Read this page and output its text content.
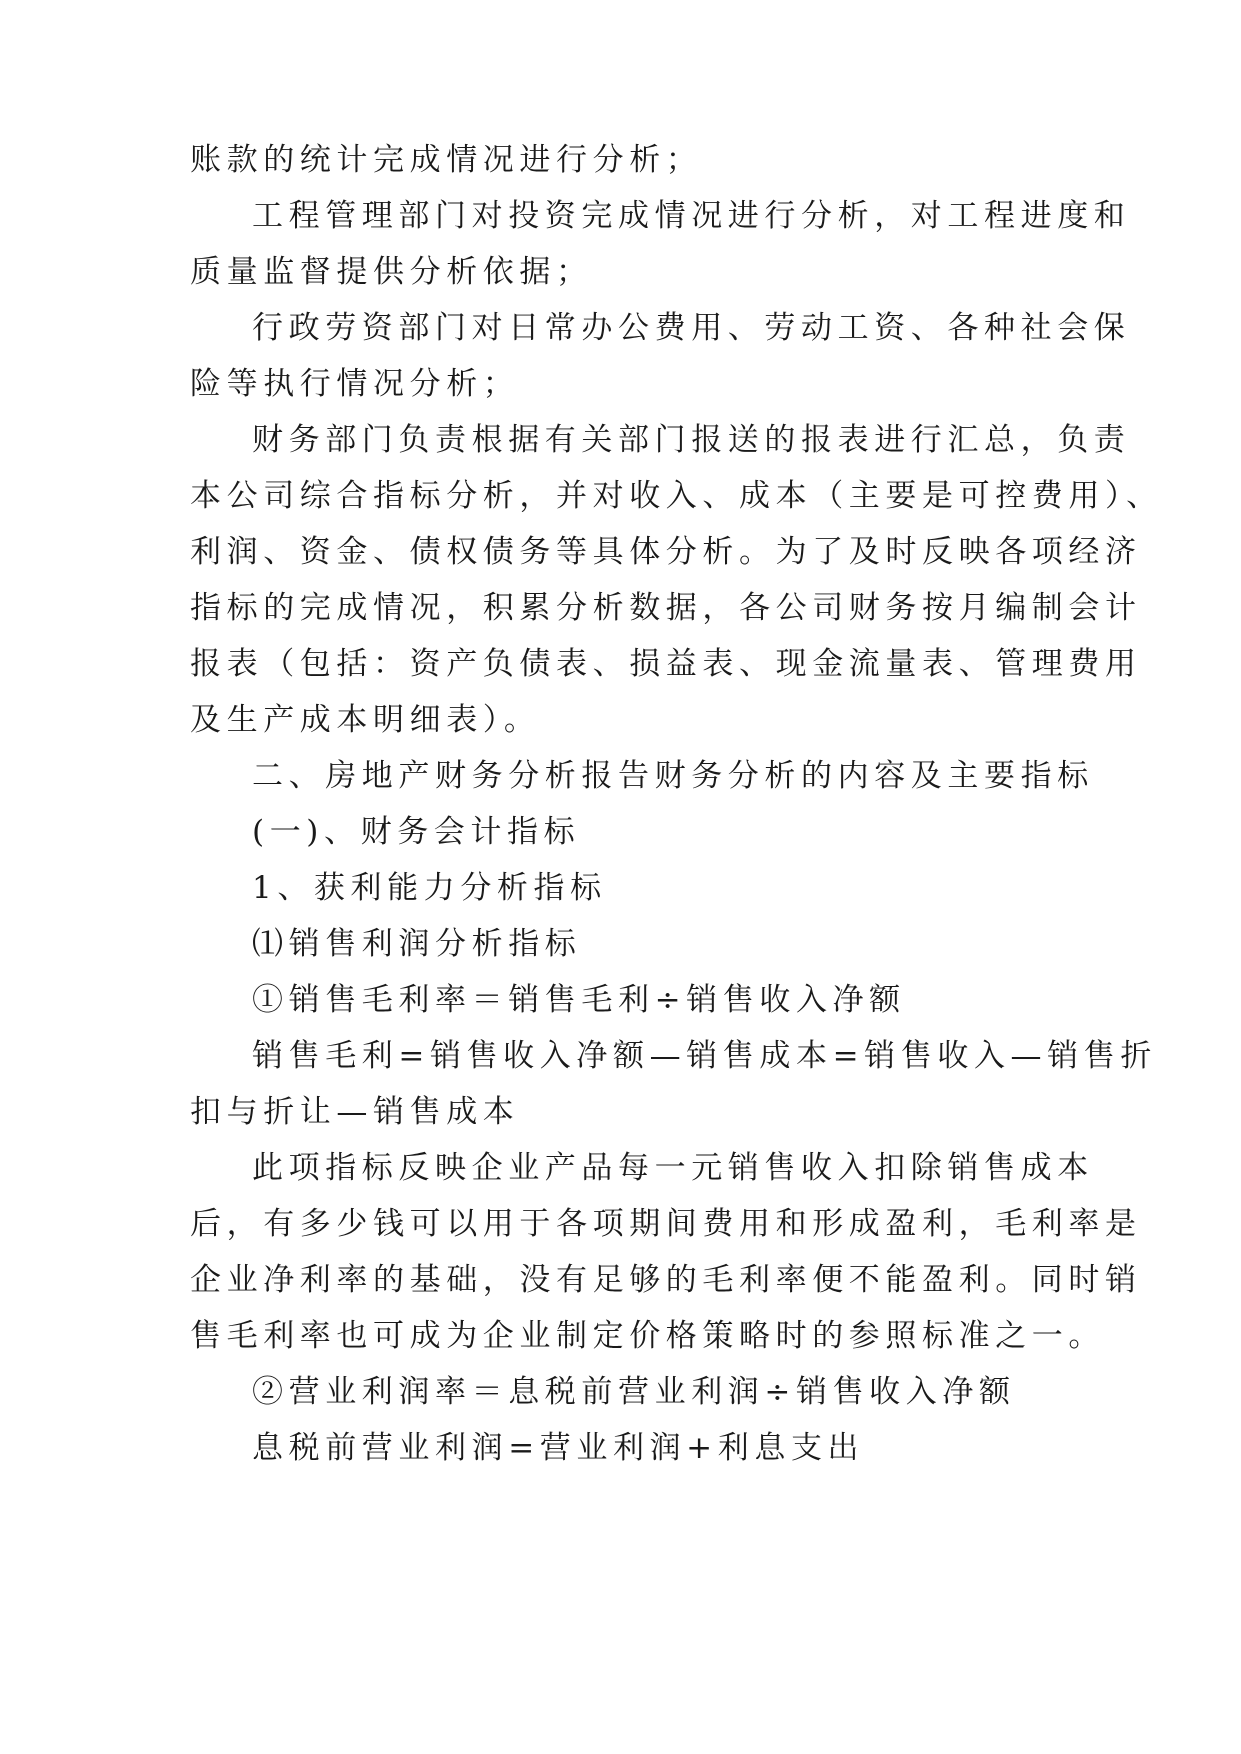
账款的统计完成情况进行分析；
工程管理部门对投资完成情况进行分析，对工程进度和
质量监督提供分析依据；
行政劳资部门对日常办公费用、劳动工资、各种社会保
险等执行情况分析；
财务部门负责根据有关部门报送的报表进行汇总，负责
本公司综合指标分析，并对收入、成本（主要是可控费用）、
利润、资金、债权债务等具体分析。为了及时反映各项经济
指标的完成情况，积累分析数据，各公司财务按月编制会计
报表（包括：资产负债表、损益表、现金流量表、管理费用
及生产成本明细表）。
二、房地产财务分析报告财务分析的内容及主要指标
(一)、财务会计指标
1、获利能力分析指标
⑴销售利润分析指标
①销售毛利率＝销售毛利÷销售收入净额
销售毛利=销售收入净额—销售成本=销售收入—销售折
扣与折让—销售成本
此项指标反映企业产品每一元销售收入扣除销售成本
后，有多少钱可以用于各项期间费用和形成盈利，毛利率是
企业净利率的基础，没有足够的毛利率便不能盈利。同时销
售毛利率也可成为企业制定价格策略时的参照标准之一。
②营业利润率＝息税前营业利润÷销售收入净额
息税前营业利润=营业利润+利息支出
